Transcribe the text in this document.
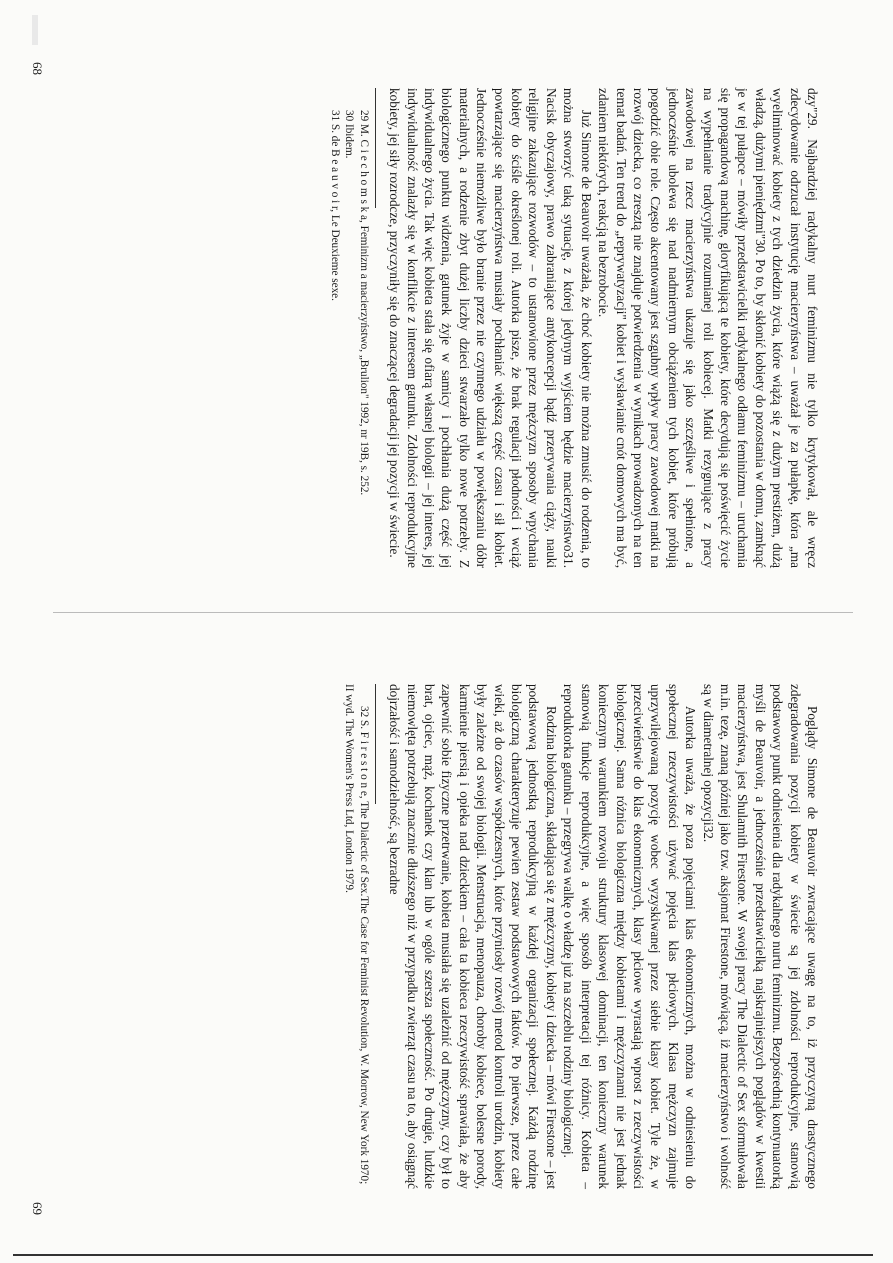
dzy"29. Najbardziej radykalny nurt feminizmu nie tylko krytykował, ale wręcz zdecydowanie odrzucał instytucję macierzyństwa – uważał je za pułapkę, która „ma wyeliminować kobiety z tych dziedzin życia, które wiążą się z dużym prestiżem, dużą władzą, dużymi pieniędzmi"30. Po to, by skłonić kobiety do pozostania w domu, zamknąć je w tej pułapce – mówiły przedstawicielki radykalnego odłamu feminizmu – uruchamia się propagandową machinę, gloryfikującą te kobiety, które decydują się poświęcić życie na wypełnianie tradycyjnie rozumianej roli kobiecej. Matki rezygnujące z pracy zawodowej na rzecz macierzyństwa ukazuje się jako szczęśliwe i spełnione, a jednocześnie ubolewa się nad nadmiernym obciążeniem tych kobiet, które próbują pogodzić obie role. Często akcentowany jest szgubny wpływ pracy zawodowej matki na rozwój dziecka, co zresztą nie znajduje potwierdzenia w wynikach prowadzonych na ten temat badań. Ten trend do „reprywatyzacji" kobiet i wysławianie cnót domowych ma być, zdaniem niektórych, reakcją na bezrobocie.

Już Simone de Beauvoir uważała, że choć kobiety nie można zmusić do rodzenia, to można stworzyć taką sytuację, z której jedynym wyjściem będzie macierzyństwo31. Nacisk obyczajowy, prawo zabraniające antykoncepcji bądź przerywania ciąży, nauki religijne zakazujące rozwodów – to ustanowione przez mężczyzn sposoby wpychania kobiety do ściśle określonej roli. Autorka pisze, że brak regulacji płodności i wciąż powtarzające się macierzyństwa musiały pochłaniać większą część czasu i sił kobiet. Jednocześnie niemożliwe było branie przez nie czynnego udziału w powiększaniu dóbr materialnych, a rodzenie zbyt dużej liczby dzieci stwarzało tylko nowe potrzeby. Z biologicznego punktu widzenia, gatunek żyje w samicy i pochłania dużą część jej indywidualnego życia. Tak więc kobieta stała się ofiarą własnej biologii – jej interes, jej indywidualność znalazły się w konflikcie z interesem gatunku. Zdolności reprodukcyjne kobiety, jej siły rozrodcze, przyczyniły się do znaczącej degradacji jej pozycji w świecie.

29 M. C i e c h o m s k a, Feminizm a macierzyństwo, „Brulion" 1992, nr 19B, s. 252.

30 Ibidem.

31 S. de B e a u v o i r, Le Deuxieme sexe.

68

Poglądy Simone de Beauvoir zwracające uwagę na to, iż przyczyną drastycznego zdegradowania pozycji kobiety w świecie są jej zdolności reprodukcyjne, stanowią podstawowy punkt odniesienia dla radykalnego nurtu feminizmu. Bezpośrednią kontynuatorką myśli de Beauvoir, a jednocześnie przedstawicielką najskrajniejszych poglądów w kwestii macierzyństwa, jest Shulamith Firestone. W swojej pracy The Dialectic of Sex sformułowała m.in. tezę, znaną później jako tzw. aksjomat Firestone, mówiącą, iż macierzyństwo i wolność są w diametralnej opozycji32.

Autorka uważa, że poza pojęciami klas ekonomicznych, można w odniesieniu do społecznej rzeczywistości używać pojęcia klas płciowych. Klasa mężczyzn zajmuje uprzywilejowaną pozycję wobec wyzyskiwanej przez siebie klasy kobiet. Tyle że, w przeciwieństwie do klas ekonomicznych, klasy płciowe wyrastają wprost z rzeczywistości biologicznej. Sama różnica biologiczna między kobietami i mężczyznami nie jest jednak koniecznym warunkiem rozwoju struktury klasowej dominacji, ten konieczny warunek stanowią funkcje reprodukcyjne, a więc sposób interpretacji tej różnicy. Kobieta – reproduktorka gatunku – przegrywa walkę o władzę już na szczeblu rodziny biologicznej.

Rodzina biologiczna, składająca się z mężczyzny, kobiety i dziecka – mówi Firestone – jest podstawową jednostką reprodukcyjną w każdej organizacji społecznej. Każdą rodzinę biologiczną charakteryzuje pewien zestaw podstawowych faktów. Po pierwsze, przez całe wieki, aż do czasów współczesnych, które przyniosły rozwój metod kontroli urodzin, kobiety były zależne od swojej biologii. Menstruacja, menopauza, choroby kobiece, bolesne porody, karmienie piersią i opieka nad dzieckiem – cała ta kobieca rzeczywistość sprawiała, że aby zapewnić sobie fizyczne przetrwanie, kobieta musiała się uzależnić od mężczyzny, czy był to brat, ojciec, mąż, kochanek czy klan lub w ogóle szersza społeczność. Po drugie, ludzkie niemowlęta potrzebują znacznie dłuższego niż w przypadku zwierząt czasu na to, aby osiągnąć dojrzałość i samodzielność, są bezradne

32 S. F i r e s t o n e, The Dialectic of Sex.The Case for Feminist Revolution, W. Morrow, New York 1970; II wyd. The Women's Press Ltd, London 1979.

69
